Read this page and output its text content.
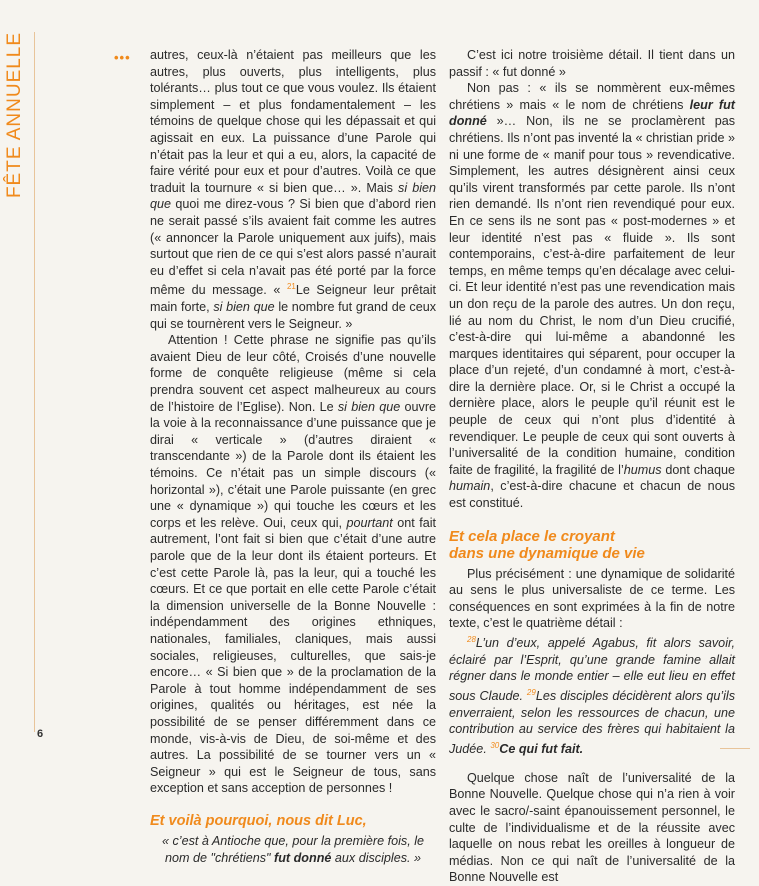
FÊTE ANNUELLE	••• autres, ceux-là n’étaient pas meilleurs que les autres, plus ouverts, plus intelligents, plus tolérants… plus tout ce que vous voulez. Ils étaient simplement – et plus fondamentalement – les témoins de quelque chose qui les dépassait et qui agissait en eux. La puissance d’une Parole qui n’était pas la leur et qui a eu, alors, la capacité de faire vérité pour eux et pour d’autres. Voilà ce que traduit la tournure « si bien que… ». Mais si bien que quoi me direz-vous ? Si bien que d’abord rien ne serait passé s’ils avaient fait comme les autres (« annoncer la Parole uniquement aux juifs), mais surtout que rien de ce qui s’est alors passé n’aurait eu d’effet si cela n’avait pas été porté par la force même du message. « $^{21}$Le Seigneur leur prêtait main forte, si bien que le nombre fut grand de ceux qui se tournèrent vers le Seigneur. »

Attention ! Cette phrase ne signifie pas qu’ils avaient Dieu de leur côté, Croisés d’une nouvelle forme de conquête religieuse (même si cela prendra souvent cet aspect malheureux au cours de l’histoire de l’Eglise). Non. Le si bien que ouvre la voie à la reconnaissance d’une puissance que je dirai « verticale » (d’autres diraient « transcendante ») de la Parole dont ils étaient les témoins. Ce n’était pas un simple discours (« horizontal »), c’était une Parole puissante (en grec une « dynamique ») qui touche les cœurs et les corps et les relève. Oui, ceux qui, pourtant ont fait autrement, l’ont fait si bien que c’était d’une autre parole que de la leur dont ils étaient porteurs. Et c’est cette Parole là, pas la leur, qui a touché les cœurs. Et ce que portait en elle cette Parole c’était la dimension universelle de la Bonne Nouvelle : indépendamment des origines ethniques, nationales, familiales, claniques, mais aussi sociales, religieuses, culturelles, que sais-je encore… « Si bien que » de la proclamation de la Parole à tout homme indépendamment de ses origines, qualités ou héritages, est née la possibilité de se penser différemment dans ce monde, vis-à-vis de Dieu, de soi-même et des autres. La possibilité de se tourner vers un « Seigneur » qui est le Seigneur de tous, sans exception et sans acception de personnes !

Et voilà pourquoi, nous dit Luc,

« c’est à Antioche que, pour la première fois, le nom de "chrétiens" fut donné aux disciples. »

C’est ici notre troisième détail. Il tient dans un passif : « fut donné »

Non pas : « ils se nommèrent eux-mêmes chrétiens » mais « le nom de chrétiens leur fut donné »… Non, ils ne se proclamèrent pas chrétiens. Ils n’ont pas inventé la « christian pride » ni une forme de « manif pour tous » revendicative. Simplement, les autres désignèrent ainsi ceux qu’ils virent transformés par cette parole. Ils n’ont rien demandé. Ils n’ont rien revendiqué pour eux. En ce sens ils ne sont pas « post-modernes » et leur identité n’est pas « fluide ». Ils sont contemporains, c’est-à-dire parfaitement de leur temps, en même temps qu’en décalage avec celui-ci. Et leur identité n’est pas une revendication mais un don reçu de la parole des autres. Un don reçu, lié au nom du Christ, le nom d’un Dieu crucifié, c’est-à-dire qui lui-même a abandonné les marques identitaires qui séparent, pour occuper la place d’un rejeté, d’un condamné à mort, c’est-à-dire la dernière place. Or, si le Christ a occupé la dernière place, alors le peuple qu’il réunit est le peuple de ceux qui n’ont plus d’identité à revendiquer. Le peuple de ceux qui sont ouverts à l’universalité de la condition humaine, condition faite de fragilité, la fragilité de l’humus dont chaque humain, c’est-à-dire chacune et chacun de nous est constitué.

Et cela place le croyant
dans une dynamique de vie

Plus précisément : une dynamique de solidarité au sens le plus universaliste de ce terme. Les conséquences en sont exprimées à la fin de notre texte, c’est le quatrième détail :

$^{28}$L’un d’eux, appelé Agabus, fit alors savoir, éclairé par l’Esprit, qu’une grande famine allait régner dans le monde entier – elle eut lieu en effet sous Claude. $^{29}$Les disciples décidèrent alors qu’ils enverraient, selon les ressources de chacun, une contribution au service des frères qui habitaient la Judée. $^{30}$Ce qui fut fait.

Quelque chose naît de l’universalité de la Bonne Nouvelle. Quelque chose qui n’a rien à voir avec le sacro/-saint épanouissement personnel, le culte de l’individualisme et de la réussite avec laquelle on nous rebat les oreilles à longueur de médias. Non ce qui naît de l’universalité de la Bonne Nouvelle est

6
